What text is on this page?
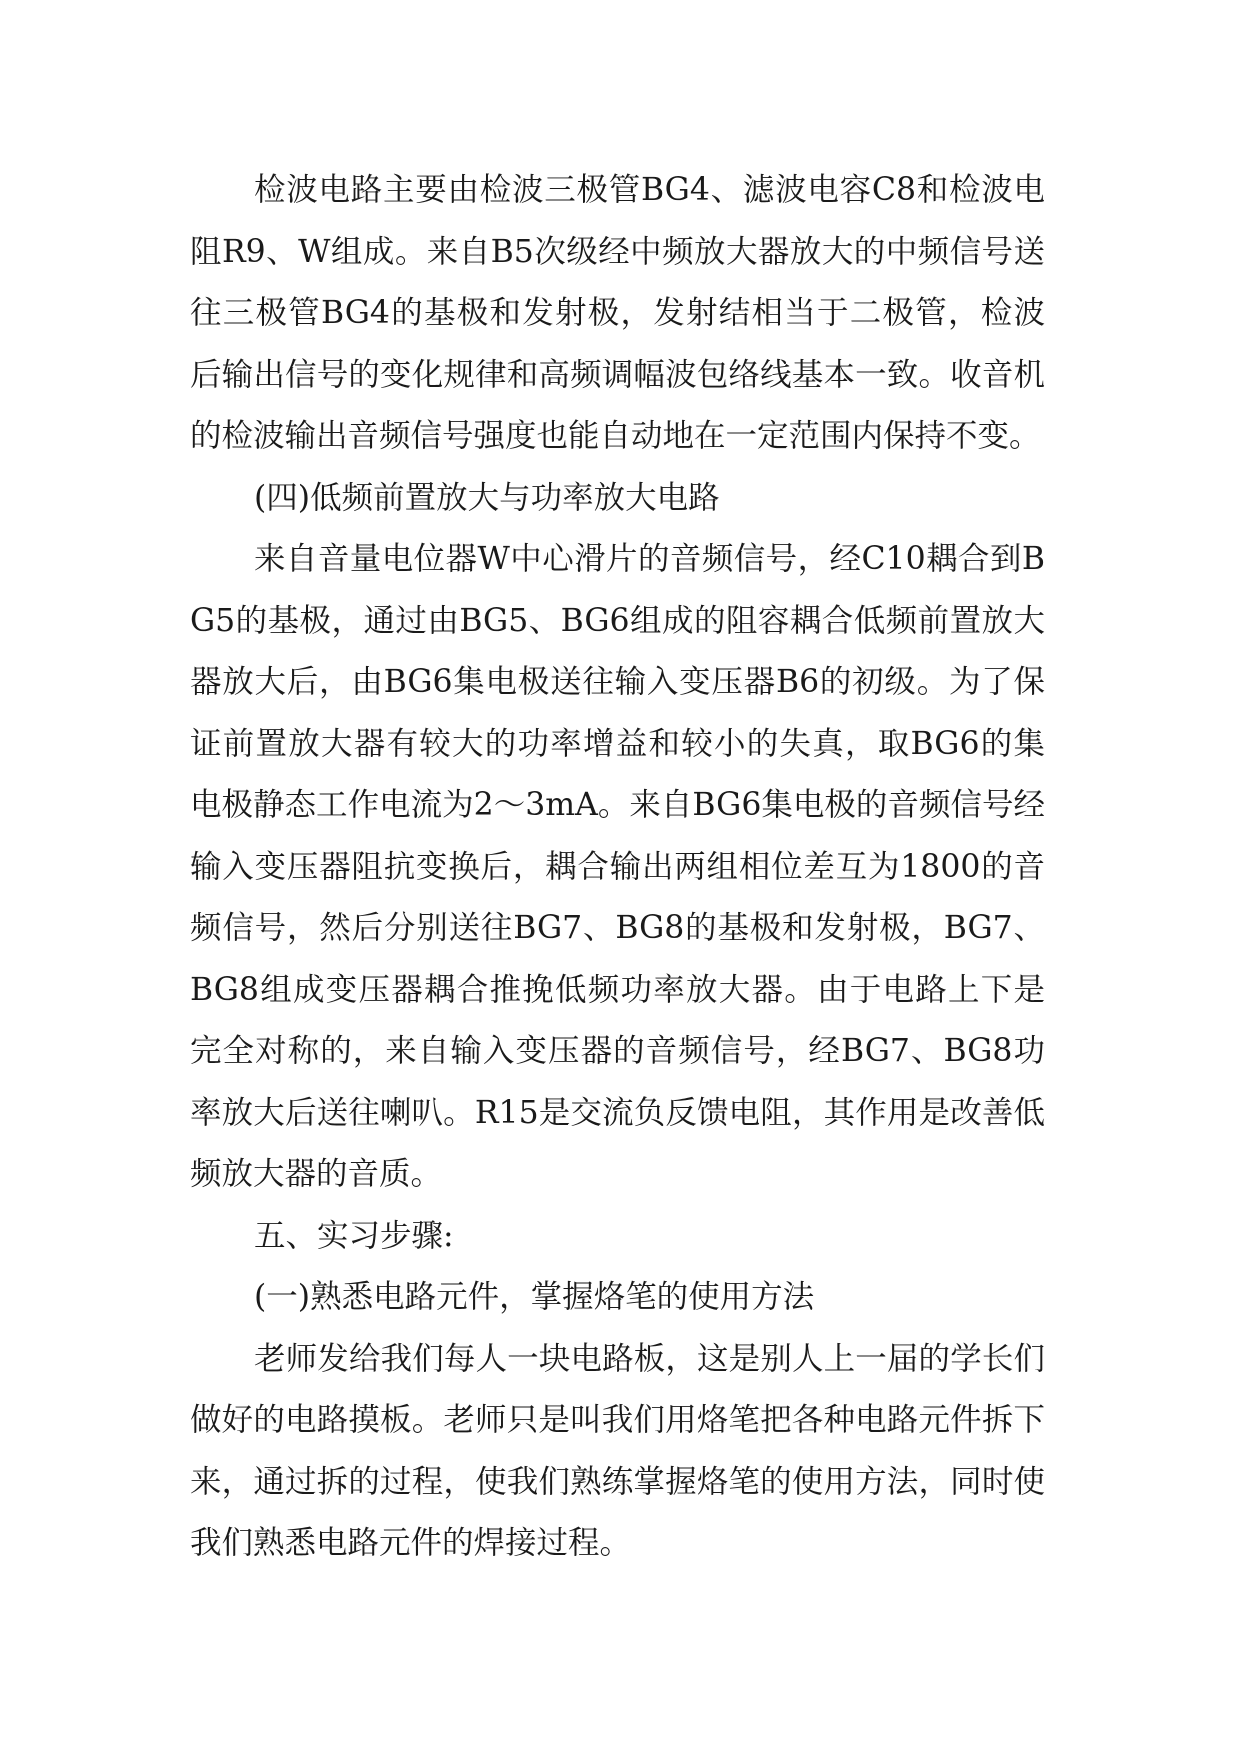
检波电路主要由检波三极管BG4、滤波电容C8和检波电阻R9、W组成。来自B5次级经中频放大器放大的中频信号送往三极管BG4的基极和发射极，发射结相当于二极管，检波后输出信号的变化规律和高频调幅波包络线基本一致。收音机的检波输出音频信号强度也能自动地在一定范围内保持不变。

(四)低频前置放大与功率放大电路

来自音量电位器W中心滑片的音频信号，经C10耦合到BG5的基极，通过由BG5、BG6组成的阻容耦合低频前置放大器放大后，由BG6集电极送往输入变压器B6的初级。为了保证前置放大器有较大的功率增益和较小的失真，取BG6的集电极静态工作电流为2～3mA。来自BG6集电极的音频信号经输入变压器阻抗变换后，耦合输出两组相位差互为1800的音频信号，然后分别送往BG7、BG8的基极和发射极，BG7、BG8组成变压器耦合推挽低频功率放大器。由于电路上下是完全对称的，来自输入变压器的音频信号，经BG7、BG8功率放大后送往喇叭。R15是交流负反馈电阻，其作用是改善低频放大器的音质。

五、实习步骤:

(一)熟悉电路元件，掌握烙笔的使用方法

老师发给我们每人一块电路板，这是别人上一届的学长们做好的电路摸板。老师只是叫我们用烙笔把各种电路元件拆下来，通过拆的过程，使我们熟练掌握烙笔的使用方法，同时使我们熟悉电路元件的焊接过程。
